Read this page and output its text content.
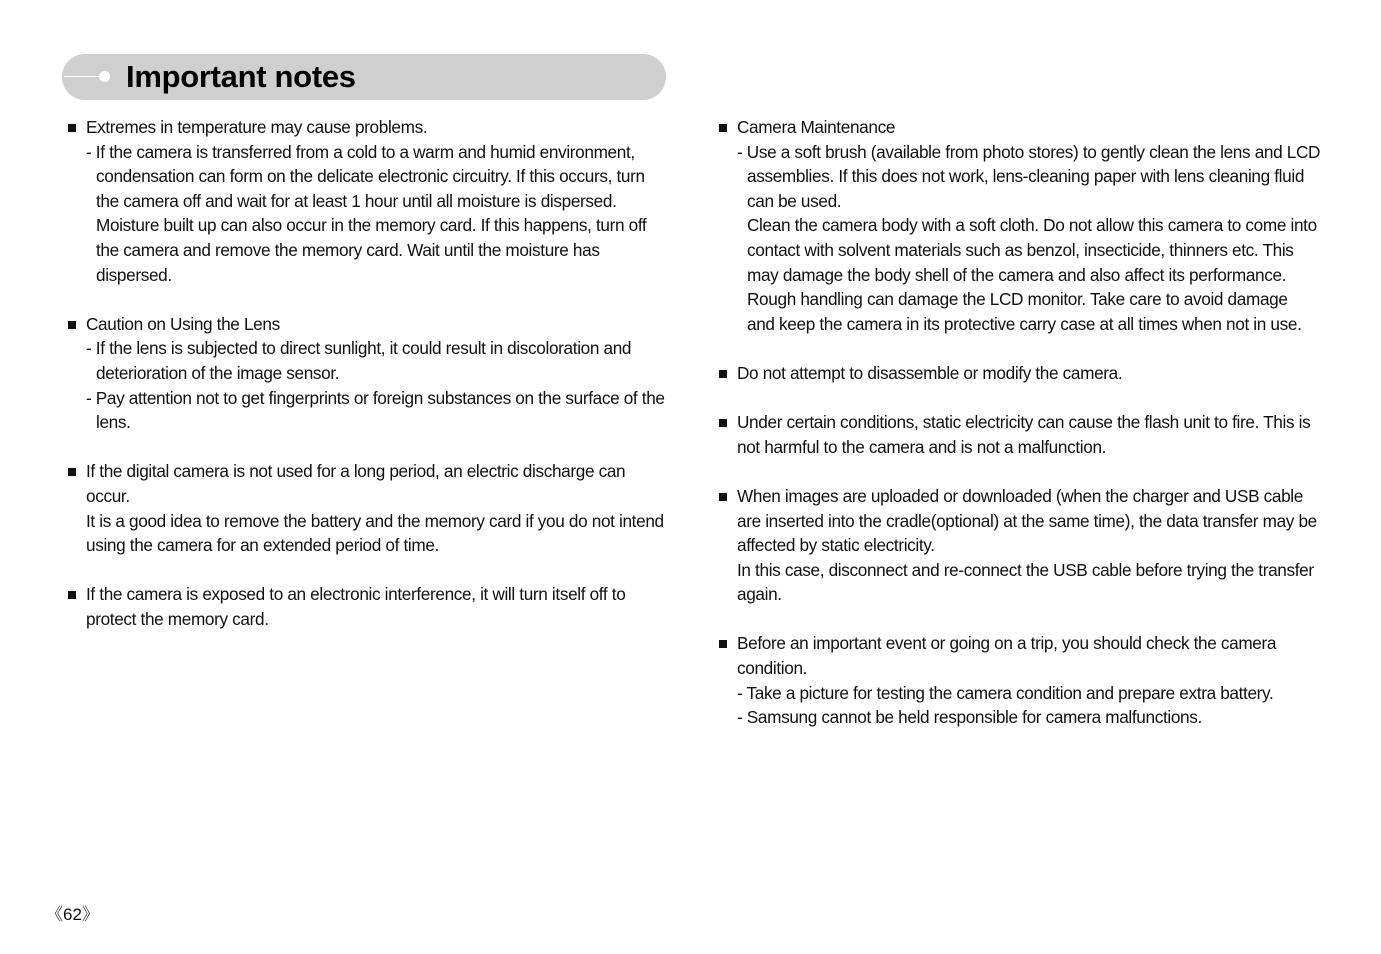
Important notes
Extremes in temperature may cause problems.
- If the camera is transferred from a cold to a warm and humid environment,
condensation can form on the delicate electronic circuitry. If this occurs, turn
the camera off and wait for at least 1 hour until all moisture is dispersed.
Moisture built up can also occur in the memory card. If this happens, turn off
the camera and remove the memory card. Wait until the moisture has
dispersed.
Caution on Using the Lens
- If the lens is subjected to direct sunlight, it could result in discoloration and
deterioration of the image sensor.
- Pay attention not to get fingerprints or foreign substances on the surface of the
lens.
If the digital camera is not used for a long period, an electric discharge can
occur.
It is a good idea to remove the battery and the memory card if you do not intend
using the camera for an extended period of time.
If the camera is exposed to an electronic interference, it will turn itself off to
protect the memory card.
Camera Maintenance
- Use a soft brush (available from photo stores) to gently clean the lens and LCD
assemblies. If this does not work, lens-cleaning paper with lens cleaning fluid
can be used.
Clean the camera body with a soft cloth. Do not allow this camera to come into
contact with solvent materials such as benzol, insecticide, thinners etc. This
may damage the body shell of the camera and also affect its performance.
Rough handling can damage the LCD monitor. Take care to avoid damage
and keep the camera in its protective carry case at all times when not in use.
Do not attempt to disassemble or modify the camera.
Under certain conditions, static electricity can cause the flash unit to fire. This is
not harmful to the camera and is not a malfunction.
When images are uploaded or downloaded (when the charger and USB cable
are inserted into the cradle(optional) at the same time), the data transfer may be
affected by static electricity.
In this case, disconnect and re-connect the USB cable before trying the transfer
again.
Before an important event or going on a trip, you should check the camera
condition.
- Take a picture for testing the camera condition and prepare extra battery.
- Samsung cannot be held responsible for camera malfunctions.
《62》
